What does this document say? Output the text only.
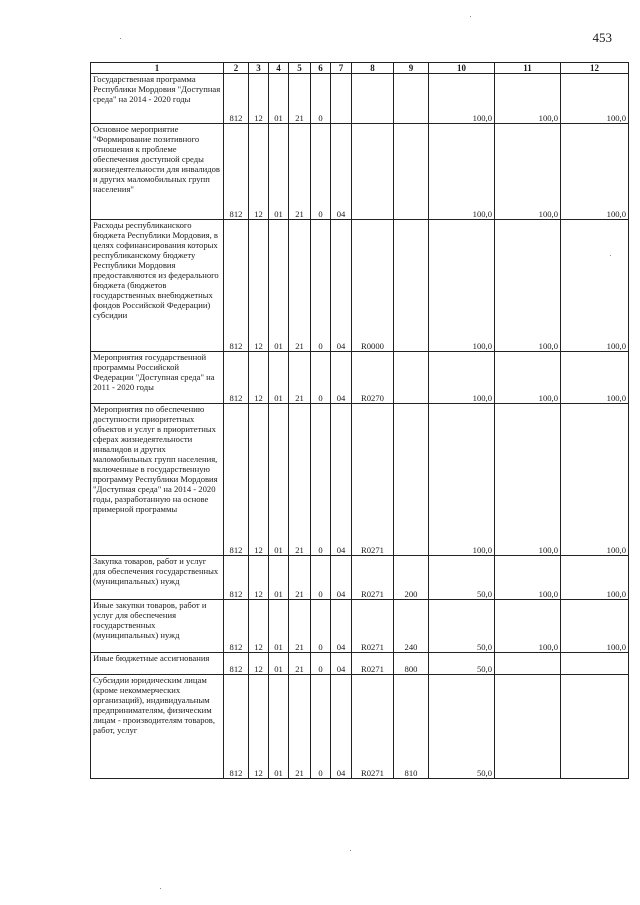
453
1	2	3	4	5	6	7	8	9	10	11	12
Государственная программа Республики Мордовия "Доступная среда" на 2014 - 2020 годы	812	12	01	21	0				100,0	100,0	100,0
Основное мероприятие "Формирование позитивного отношения к проблеме обеспечения доступной среды жизнедеятельности для инвалидов и других маломобильных групп населения"	812	12	01	21	0	04			100,0	100,0	100,0
Расходы республиканского бюджета Республики Мордовия, в целях софинансирования которых республиканскому бюджету Республики Мордовия предоставляются из федерального бюджета (бюджетов государственных внебюджетных фондов Российской Федерации) субсидии	812	12	01	21	0	04	R0000		100,0	100,0	100,0
Мероприятия государственной программы Российской Федерации "Доступная среда" на 2011 - 2020 годы	812	12	01	21	0	04	R0270		100,0	100,0	100,0
Мероприятия по обеспечению доступности приоритетных объектов и услуг в приоритетных сферах жизнедеятельности инвалидов и других маломобильных групп населения, включенные в государственную программу Республики Мордовия "Доступная среда" на 2014 - 2020 годы, разработанную на основе примерной программы	812	12	01	21	0	04	R0271		100,0	100,0	100,0
Закупка товаров, работ и услуг для обеспечения государственных (муниципальных) нужд	812	12	01	21	0	04	R0271	200	50,0	100,0	100,0
Иные закупки товаров, работ и услуг для обеспечения государственных (муниципальных) нужд	812	12	01	21	0	04	R0271	240	50,0	100,0	100,0
Иные бюджетные ассигнования	812	12	01	21	0	04	R0271	800	50,0		
Субсидии юридическим лицам (кроме некоммерческих организаций), индивидуальным предпринимателям, физическим лицам - производителям товаров, работ, услуг	812	12	01	21	0	04	R0271	810	50,0		
